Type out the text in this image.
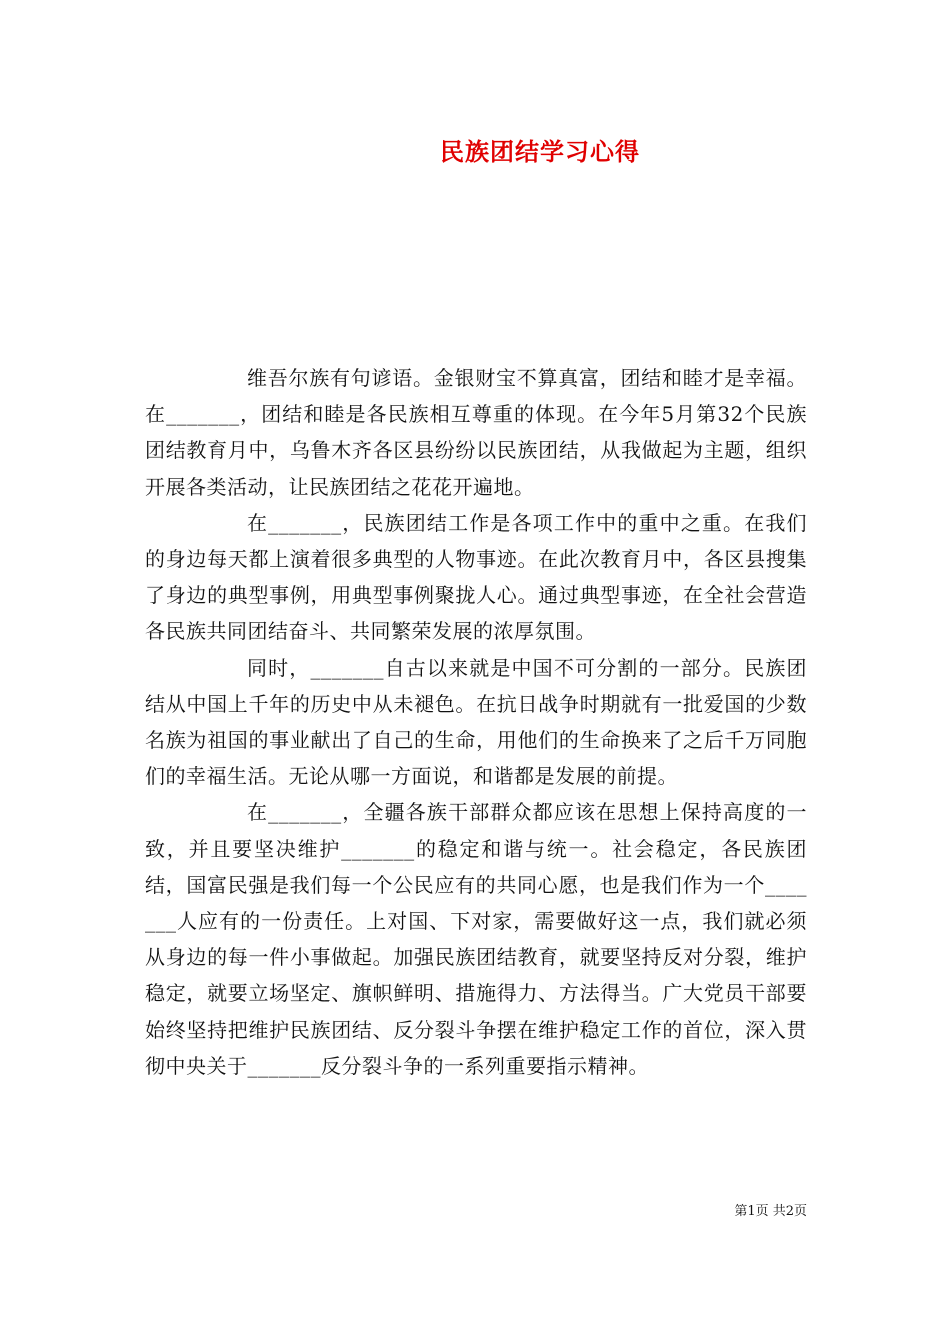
民族团结学习心得

维吾尔族有句谚语。金银财宝不算真富，团结和睦才是幸福。在_______，团结和睦是各民族相互尊重的体现。在今年5月第32个民族团结教育月中，乌鲁木齐各区县纷纷以民族团结，从我做起为主题，组织开展各类活动，让民族团结之花花开遍地。

在_______，民族团结工作是各项工作中的重中之重。在我们的身边每天都上演着很多典型的人物事迹。在此次教育月中，各区县搜集了身边的典型事例，用典型事例聚拢人心。通过典型事迹，在全社会营造各民族共同团结奋斗、共同繁荣发展的浓厚氛围。

同时，_______自古以来就是中国不可分割的一部分。民族团结从中国上千年的历史中从未褪色。在抗日战争时期就有一批爱国的少数名族为祖国的事业献出了自己的生命，用他们的生命换来了之后千万同胞们的幸福生活。无论从哪一方面说，和谐都是发展的前提。

在_______，全疆各族干部群众都应该在思想上保持高度的一致，并且要坚决维护_______的稳定和谐与统一。社会稳定，各民族团结，国富民强是我们每一个公民应有的共同心愿，也是我们作为一个_______人应有的一份责任。上对国、下对家，需要做好这一点，我们就必须从身边的每一件小事做起。加强民族团结教育，就要坚持反对分裂，维护稳定，就要立场坚定、旗帜鲜明、措施得力、方法得当。广大党员干部要始终坚持把维护民族团结、反分裂斗争摆在维护稳定工作的首位，深入贯彻中央关于_______反分裂斗争的一系列重要指示精神。

第1页 共2页
